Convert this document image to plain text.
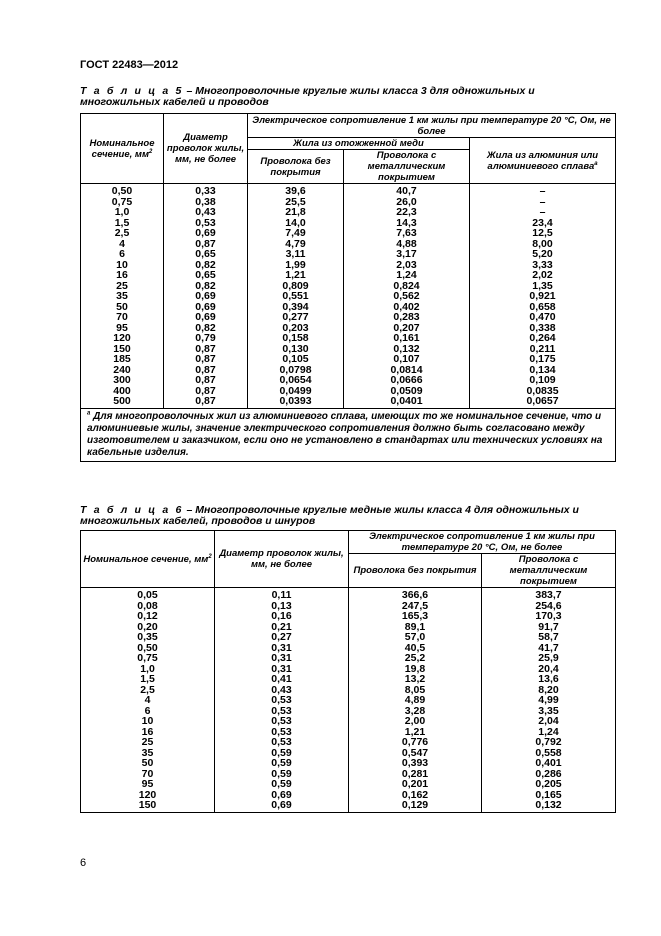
ГОСТ 22483—2012
Т а б л и ц а 5 – Многопроволочные круглые жилы класса 3 для одножильных и многожильных кабелей и проводов
Номинальное сечение, $мм^2$	Диаметр проволок жилы, мм, не более	Электрическое сопротивление 1 км жилы при температуре 20 °С, Ом, не более		
		Жила из отожженной меди		Жила из алюминия или алюминиевого сплава$^а$
		Проволока без покрытия	Проволока с металлическим покрытием	
0,50	0,33	39,6	40,7	–
0,75	0,38	25,5	26,0	–
1,0	0,43	21,8	22,3	–
1,5	0,53	14,0	14,3	23,4
2,5	0,69	7,49	7,63	12,5
4	0,87	4,79	4,88	8,00
6	0,65	3,11	3,17	5,20
10	0,82	1,99	2,03	3,33
16	0,65	1,21	1,24	2,02
25	0,82	0,809	0,824	1,35
35	0,69	0,551	0,562	0,921
50	0,69	0,394	0,402	0,658
70	0,69	0,277	0,283	0,470
95	0,82	0,203	0,207	0,338
120	0,79	0,158	0,161	0,264
150	0,87	0,130	0,132	0,211
185	0,87	0,105	0,107	0,175
240	0,87	0,0798	0,0814	0,134
300	0,87	0,0654	0,0666	0,109
400	0,87	0,0499	0,0509	0,0835
500	0,87	0,0393	0,0401	0,0657
$^а$ Для многопроволочных жил из алюминиевого сплава, имеющих то же номинальное сечение, что и алюминиевые жилы, значение электрического сопротивления должно быть согласовано между изготовителем и заказчиком, если оно не установлено в стандартах или технических условиях на кабельные изделия.				
Т а б л и ц а 6 – Многопроволочные круглые медные жилы класса 4 для одножильных и многожильных кабелей, проводов и шнуров
Номинальное сечение, $мм^2$	Диаметр проволок жилы, мм, не более	Электрическое сопротивление 1 км жилы при температуре 20 °С, Ом, не более	
		Проволока без покрытия	Проволока с металлическим покрытием
0,05	0,11	366,6	383,7
0,08	0,13	247,5	254,6
0,12	0,16	165,3	170,3
0,20	0,21	89,1	91,7
0,35	0,27	57,0	58,7
0,50	0,31	40,5	41,7
0,75	0,31	25,2	25,9
1,0	0,31	19,8	20,4
1,5	0,41	13,2	13,6
2,5	0,43	8,05	8,20
4	0,53	4,89	4,99
6	0,53	3,28	3,35
10	0,53	2,00	2,04
16	0,53	1,21	1,24
25	0,53	0,776	0,792
35	0,59	0,547	0,558
50	0,59	0,393	0,401
70	0,59	0,281	0,286
95	0,59	0,201	0,205
120	0,69	0,162	0,165
150	0,69	0,129	0,132
6
